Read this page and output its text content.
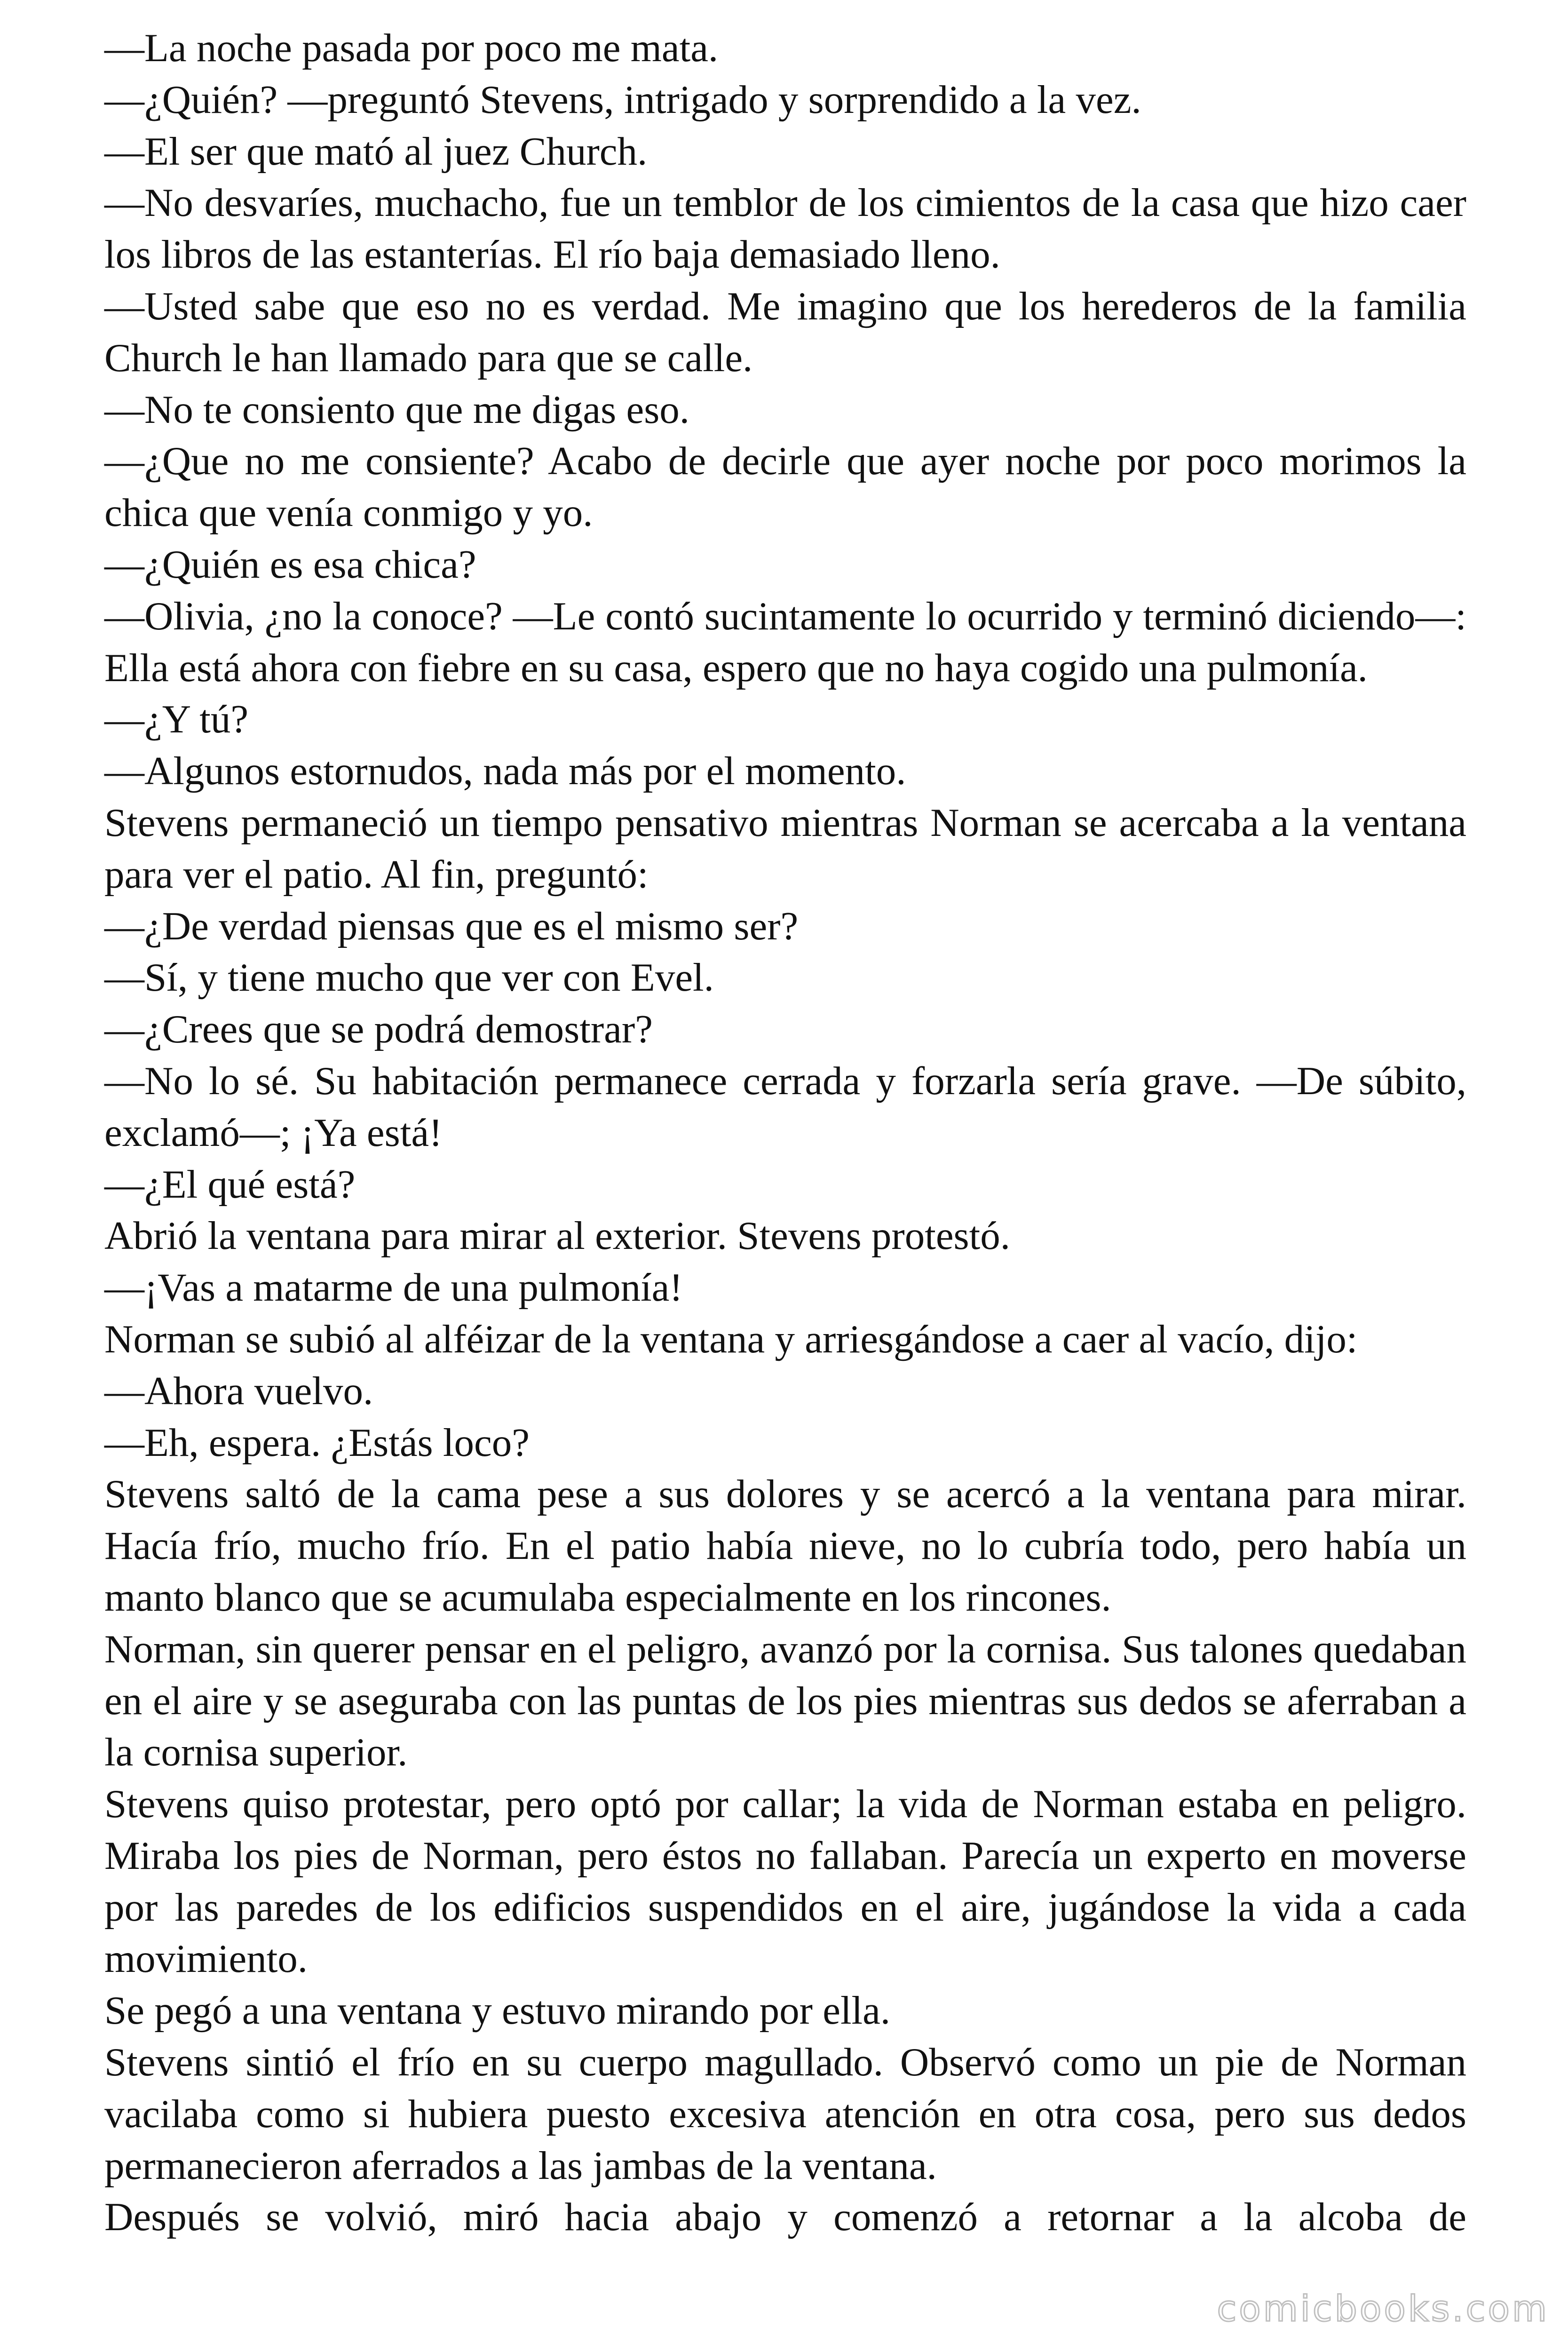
—La noche pasada por poco me mata.

—¿Quién? —preguntó Stevens, intrigado y sorprendido a la vez.

—El ser que mató al juez Church.

—No desvaríes, muchacho, fue un temblor de los cimientos de la casa que hizo caer los libros de las estanterías. El río baja demasiado lleno.

—Usted sabe que eso no es verdad. Me imagino que los herederos de la familia Church le han llamado para que se calle.

—No te consiento que me digas eso.

—¿Que no me consiente? Acabo de decirle que ayer noche por poco morimos la chica que venía conmigo y yo.

—¿Quién es esa chica?

—Olivia, ¿no la conoce? —Le contó sucintamente lo ocurrido y terminó diciendo—: Ella está ahora con fiebre en su casa, espero que no haya cogido una pulmonía.

—¿Y tú?

—Algunos estornudos, nada más por el momento.

Stevens permaneció un tiempo pensativo mientras Norman se acercaba a la ventana para ver el patio. Al fin, preguntó:

—¿De verdad piensas que es el mismo ser?

—Sí, y tiene mucho que ver con Evel.

—¿Crees que se podrá demostrar?

—No lo sé. Su habitación permanece cerrada y forzarla sería grave. —De súbito, exclamó—; ¡Ya está!

—¿El qué está?

Abrió la ventana para mirar al exterior. Stevens protestó.

—¡Vas a matarme de una pulmonía!

Norman se subió al alféizar de la ventana y arriesgándose a caer al vacío, dijo:

—Ahora vuelvo.

—Eh, espera. ¿Estás loco?

Stevens saltó de la cama pese a sus dolores y se acercó a la ventana para mirar. Hacía frío, mucho frío. En el patio había nieve, no lo cubría todo, pero había un manto blanco que se acumulaba especialmente en los rincones.

Norman, sin querer pensar en el peligro, avanzó por la cornisa. Sus talones quedaban en el aire y se aseguraba con las puntas de los pies mientras sus dedos se aferraban a la cornisa superior.

Stevens quiso protestar, pero optó por callar; la vida de Norman estaba en peligro. Miraba los pies de Norman, pero éstos no fallaban. Parecía un experto en moverse por las paredes de los edificios suspendidos en el aire, jugándose la vida a cada movimiento.

Se pegó a una ventana y estuvo mirando por ella.

Stevens sintió el frío en su cuerpo magullado. Observó como un pie de Norman vacilaba como si hubiera puesto excesiva atención en otra cosa, pero sus dedos permanecieron aferrados a las jambas de la ventana.

Después se volvió, miró hacia abajo y comenzó a retornar a la alcoba de

comicbooks.com
